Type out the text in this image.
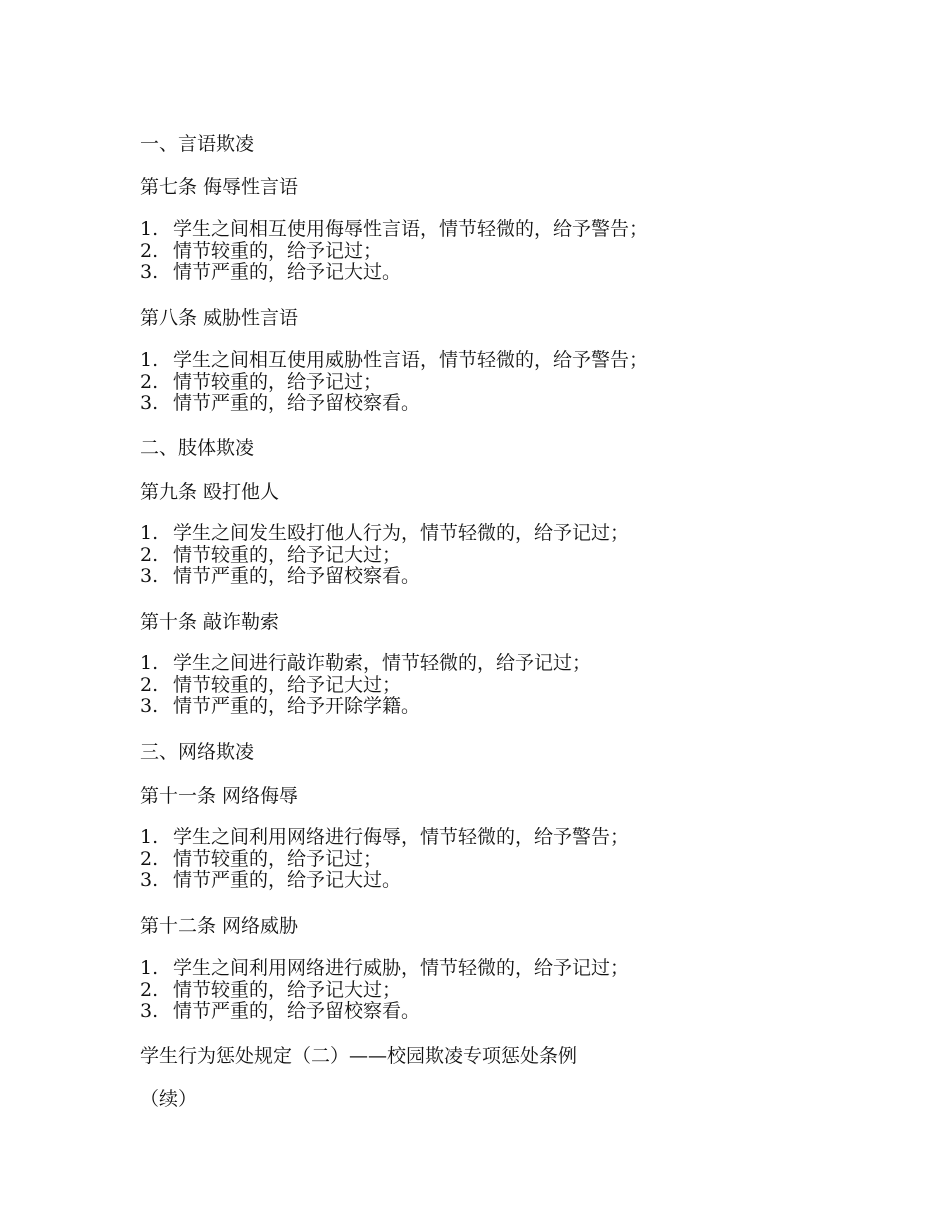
一、言语欺凌
第七条 侮辱性言语
1. 学生之间相互使用侮辱性言语，情节轻微的，给予警告；
2. 情节较重的，给予记过；
3. 情节严重的，给予记大过。
第八条 威胁性言语
1. 学生之间相互使用威胁性言语，情节轻微的，给予警告；
2. 情节较重的，给予记过；
3. 情节严重的，给予留校察看。
二、肢体欺凌
第九条 殴打他人
1. 学生之间发生殴打他人行为，情节轻微的，给予记过；
2. 情节较重的，给予记大过；
3. 情节严重的，给予留校察看。
第十条 敲诈勒索
1. 学生之间进行敲诈勒索，情节轻微的，给予记过；
2. 情节较重的，给予记大过；
3. 情节严重的，给予开除学籍。
三、网络欺凌
第十一条 网络侮辱
1. 学生之间利用网络进行侮辱，情节轻微的，给予警告；
2. 情节较重的，给予记过；
3. 情节严重的，给予记大过。
第十二条 网络威胁
1. 学生之间利用网络进行威胁，情节轻微的，给予记过；
2. 情节较重的，给予记大过；
3. 情节严重的，给予留校察看。
学生行为惩处规定（二）——校园欺凌专项惩处条例
（续）
